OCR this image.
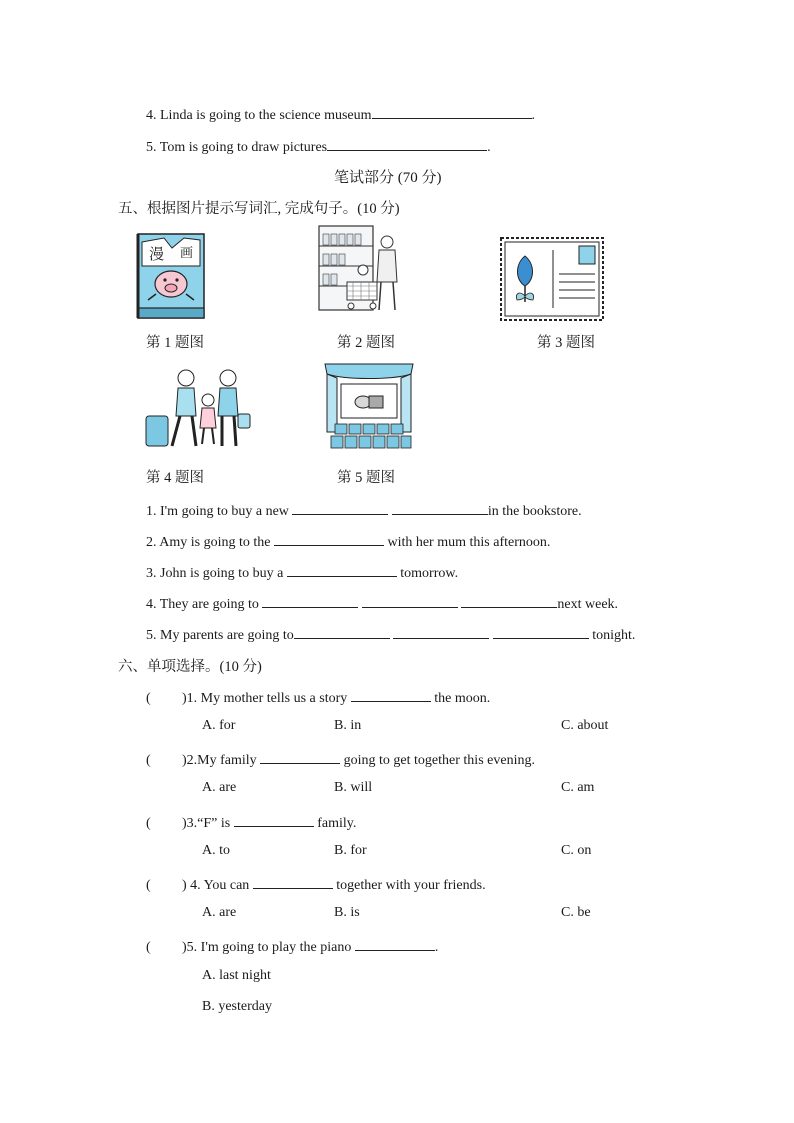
4. Linda is going to the science museum	.
5. Tom is going to draw pictures	.
笔试部分 (70 分)
五、根据图片提示写词汇, 完成句子。(10 分)
漫 画
第 1 题图	第 2 题图	第 3 题图
第 4 题图	第 5 题图
1. I'm going to buy a new	in the bookstore.
2. Amy is going to the	with her mum this afternoon.
3. John is going to buy a	tomorrow.
4. They are going to	next week.
5. My parents are going to	tonight.
六、单项选择。(10 分)
( )1. My mother tells us a story	the moon.
A. for	B. in	C. about
( )2.My family	going to get together this evening.
A. are	B. will	C. am
( )3.“F” is	family.
A. to	B. for	C. on
( ) 4. You can	together with your friends.
A. are	B. is	C. be
( )5. I'm going to play the piano	.
A. last night
B. yesterday
